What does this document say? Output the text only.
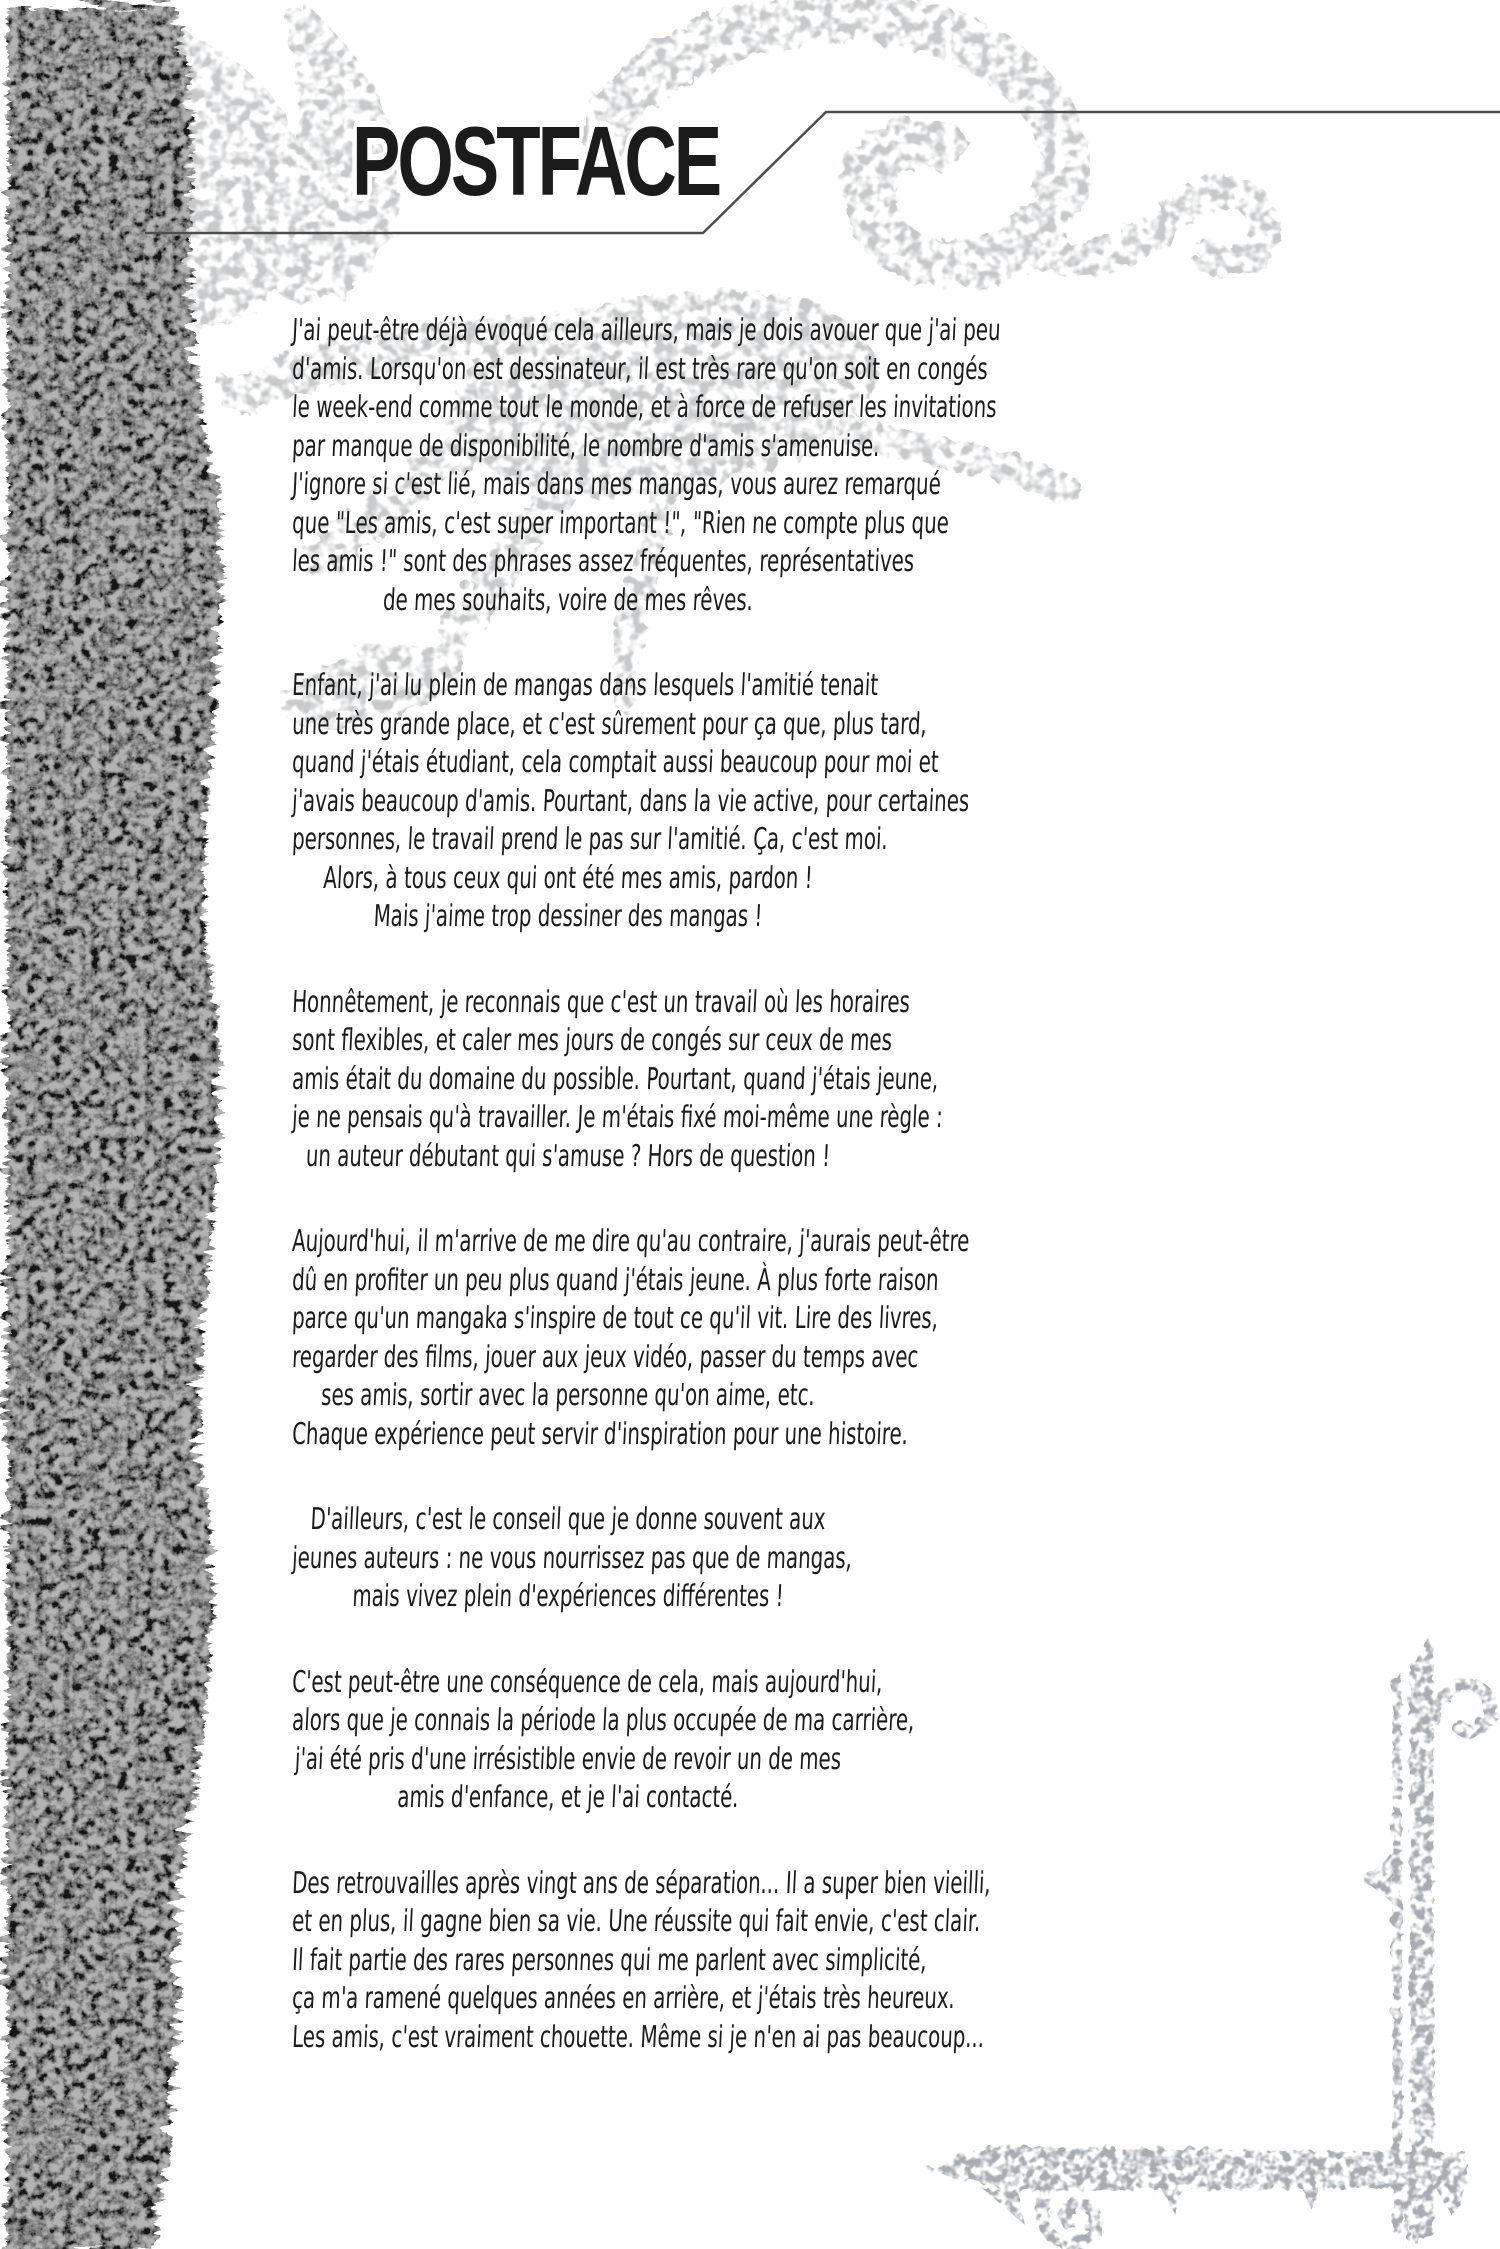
POSTFACE

J'ai peut-être déjà évoqué cela ailleurs, mais je dois avouer que j'ai peu
d'amis. Lorsqu'on est dessinateur, il est très rare qu'on soit en congés
le week-end comme tout le monde, et à force de refuser les invitations
par manque de disponibilité, le nombre d'amis s'amenuise.
J'ignore si c'est lié, mais dans mes mangas, vous aurez remarqué
que "Les amis, c'est super important !", "Rien ne compte plus que
les amis !" sont des phrases assez fréquentes, représentatives
de mes souhaits, voire de mes rêves.

Enfant, j'ai lu plein de mangas dans lesquels l'amitié tenait
une très grande place, et c'est sûrement pour ça que, plus tard,
quand j'étais étudiant, cela comptait aussi beaucoup pour moi et
j'avais beaucoup d'amis. Pourtant, dans la vie active, pour certaines
personnes, le travail prend le pas sur l'amitié. Ça, c'est moi.
Alors, à tous ceux qui ont été mes amis, pardon !
Mais j'aime trop dessiner des mangas !

Honnêtement, je reconnais que c'est un travail où les horaires
sont flexibles, et caler mes jours de congés sur ceux de mes
amis était du domaine du possible. Pourtant, quand j'étais jeune,
je ne pensais qu'à travailler. Je m'étais fixé moi-même une règle :
un auteur débutant qui s'amuse ? Hors de question !

Aujourd'hui, il m'arrive de me dire qu'au contraire, j'aurais peut-être
dû en profiter un peu plus quand j'étais jeune. À plus forte raison
parce qu'un mangaka s'inspire de tout ce qu'il vit. Lire des livres,
regarder des films, jouer aux jeux vidéo, passer du temps avec
ses amis, sortir avec la personne qu'on aime, etc.
Chaque expérience peut servir d'inspiration pour une histoire.

D'ailleurs, c'est le conseil que je donne souvent aux
jeunes auteurs : ne vous nourrissez pas que de mangas,
mais vivez plein d'expériences différentes !

C'est peut-être une conséquence de cela, mais aujourd'hui,
alors que je connais la période la plus occupée de ma carrière,
j'ai été pris d'une irrésistible envie de revoir un de mes
amis d'enfance, et je l'ai contacté.

Des retrouvailles après vingt ans de séparation... Il a super bien vieilli,
et en plus, il gagne bien sa vie. Une réussite qui fait envie, c'est clair.
Il fait partie des rares personnes qui me parlent avec simplicité,
ça m'a ramené quelques années en arrière, et j'étais très heureux.
Les amis, c'est vraiment chouette. Même si je n'en ai pas beaucoup...
